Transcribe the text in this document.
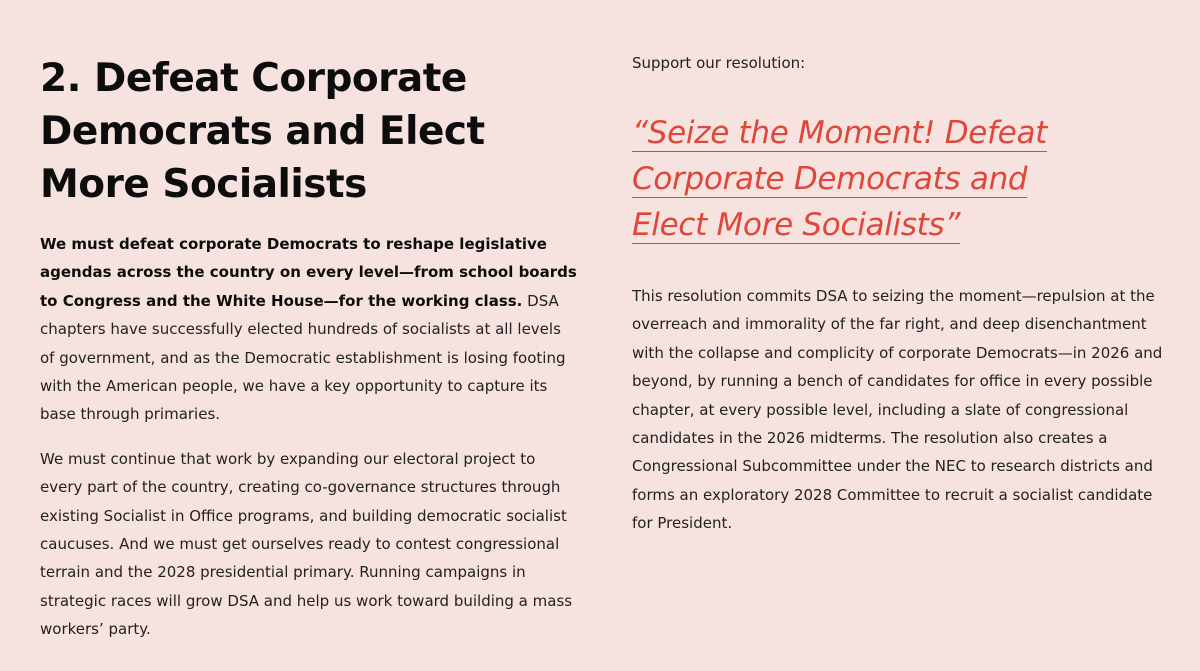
2. Defeat Corporate Democrats and Elect More Socialists

We must defeat corporate Democrats to reshape legislative agendas across the country on every level—from school boards to Congress and the White House—for the working class. DSA chapters have successfully elected hundreds of socialists at all levels of government, and as the Democratic establishment is losing footing with the American people, we have a key opportunity to capture its base through primaries.

We must continue that work by expanding our electoral project to every part of the country, creating co-governance structures through existing Socialist in Office programs, and building democratic socialist caucuses. And we must get ourselves ready to contest congressional terrain and the 2028 presidential primary. Running campaigns in strategic races will grow DSA and help us work toward building a mass workers’ party.

Support our resolution:

“Seize the Moment! Defeat Corporate Democrats and Elect More Socialists”

This resolution commits DSA to seizing the moment—repulsion at the overreach and immorality of the far right, and deep disenchantment with the collapse and complicity of corporate Democrats—in 2026 and beyond, by running a bench of candidates for office in every possible chapter, at every possible level, including a slate of congressional candidates in the 2026 midterms. The resolution also creates a Congressional Subcommittee under the NEC to research districts and forms an exploratory 2028 Committee to recruit a socialist candidate for President.
